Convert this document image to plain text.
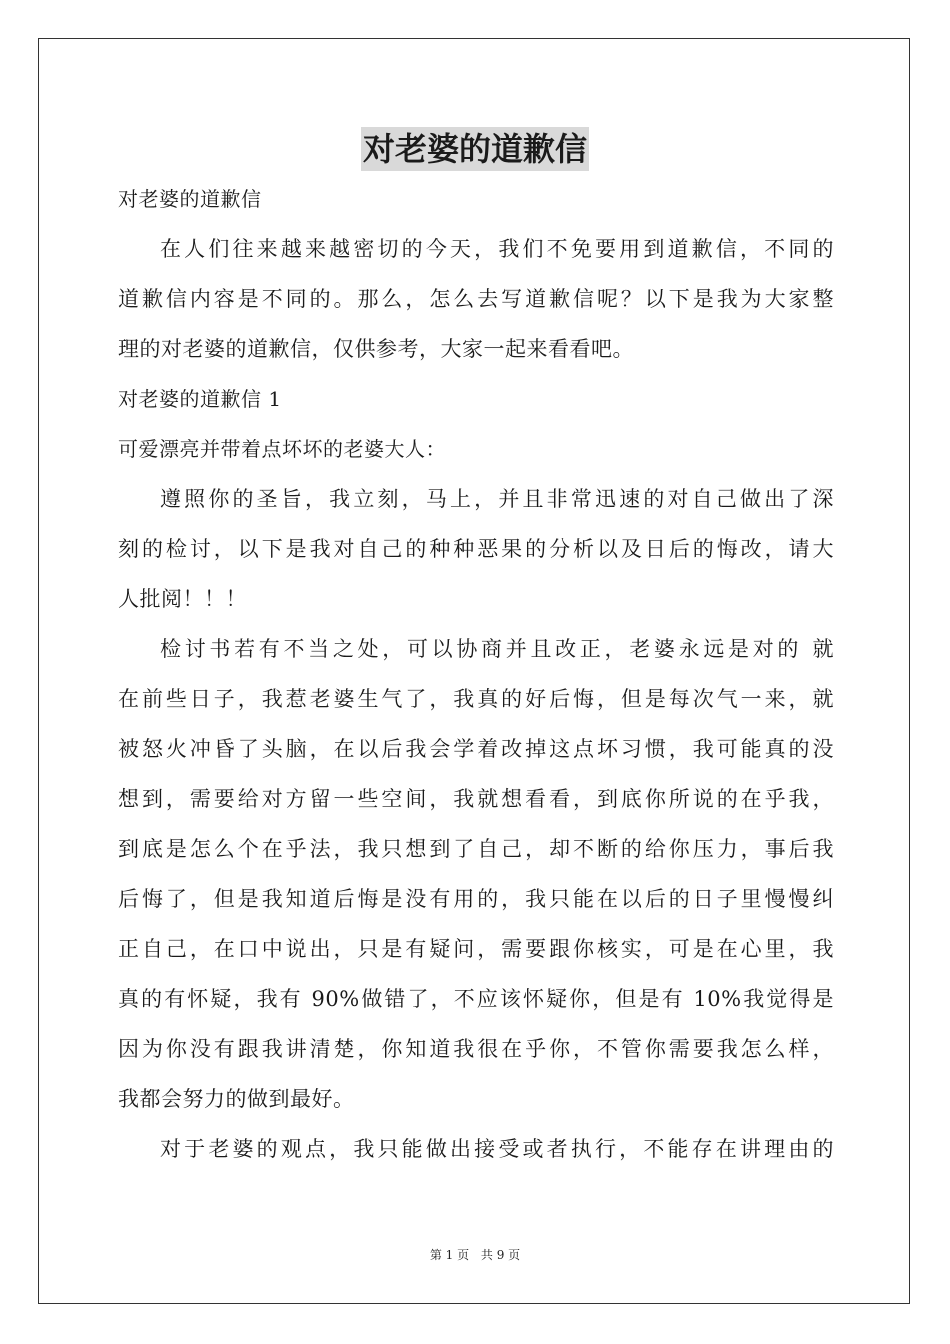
对老婆的道歉信
对老婆的道歉信
在人们往来越来越密切的今天，我们不免要用到道歉信，不同的
道歉信内容是不同的。那么，怎么去写道歉信呢？以下是我为大家整
理的对老婆的道歉信，仅供参考，大家一起来看看吧。
对老婆的道歉信 1
可爱漂亮并带着点坏坏的老婆大人：
遵照你的圣旨，我立刻，马上，并且非常迅速的对自己做出了深
刻的检讨，以下是我对自己的种种恶果的分析以及日后的悔改，请大
人批阅！！！
检讨书若有不当之处，可以协商并且改正，老婆永远是对的 就
在前些日子，我惹老婆生气了，我真的好后悔，但是每次气一来，就
被怒火冲昏了头脑，在以后我会学着改掉这点坏习惯，我可能真的没
想到，需要给对方留一些空间，我就想看看，到底你所说的在乎我，
到底是怎么个在乎法，我只想到了自己，却不断的给你压力，事后我
后悔了，但是我知道后悔是没有用的，我只能在以后的日子里慢慢纠
正自己，在口中说出，只是有疑问，需要跟你核实，可是在心里，我
真的有怀疑，我有 90%做错了，不应该怀疑你，但是有 10%我觉得是
因为你没有跟我讲清楚，你知道我很在乎你，不管你需要我怎么样，
我都会努力的做到最好。
对于老婆的观点，我只能做出接受或者执行，不能存在讲理由的
第 1 页 共 9 页
